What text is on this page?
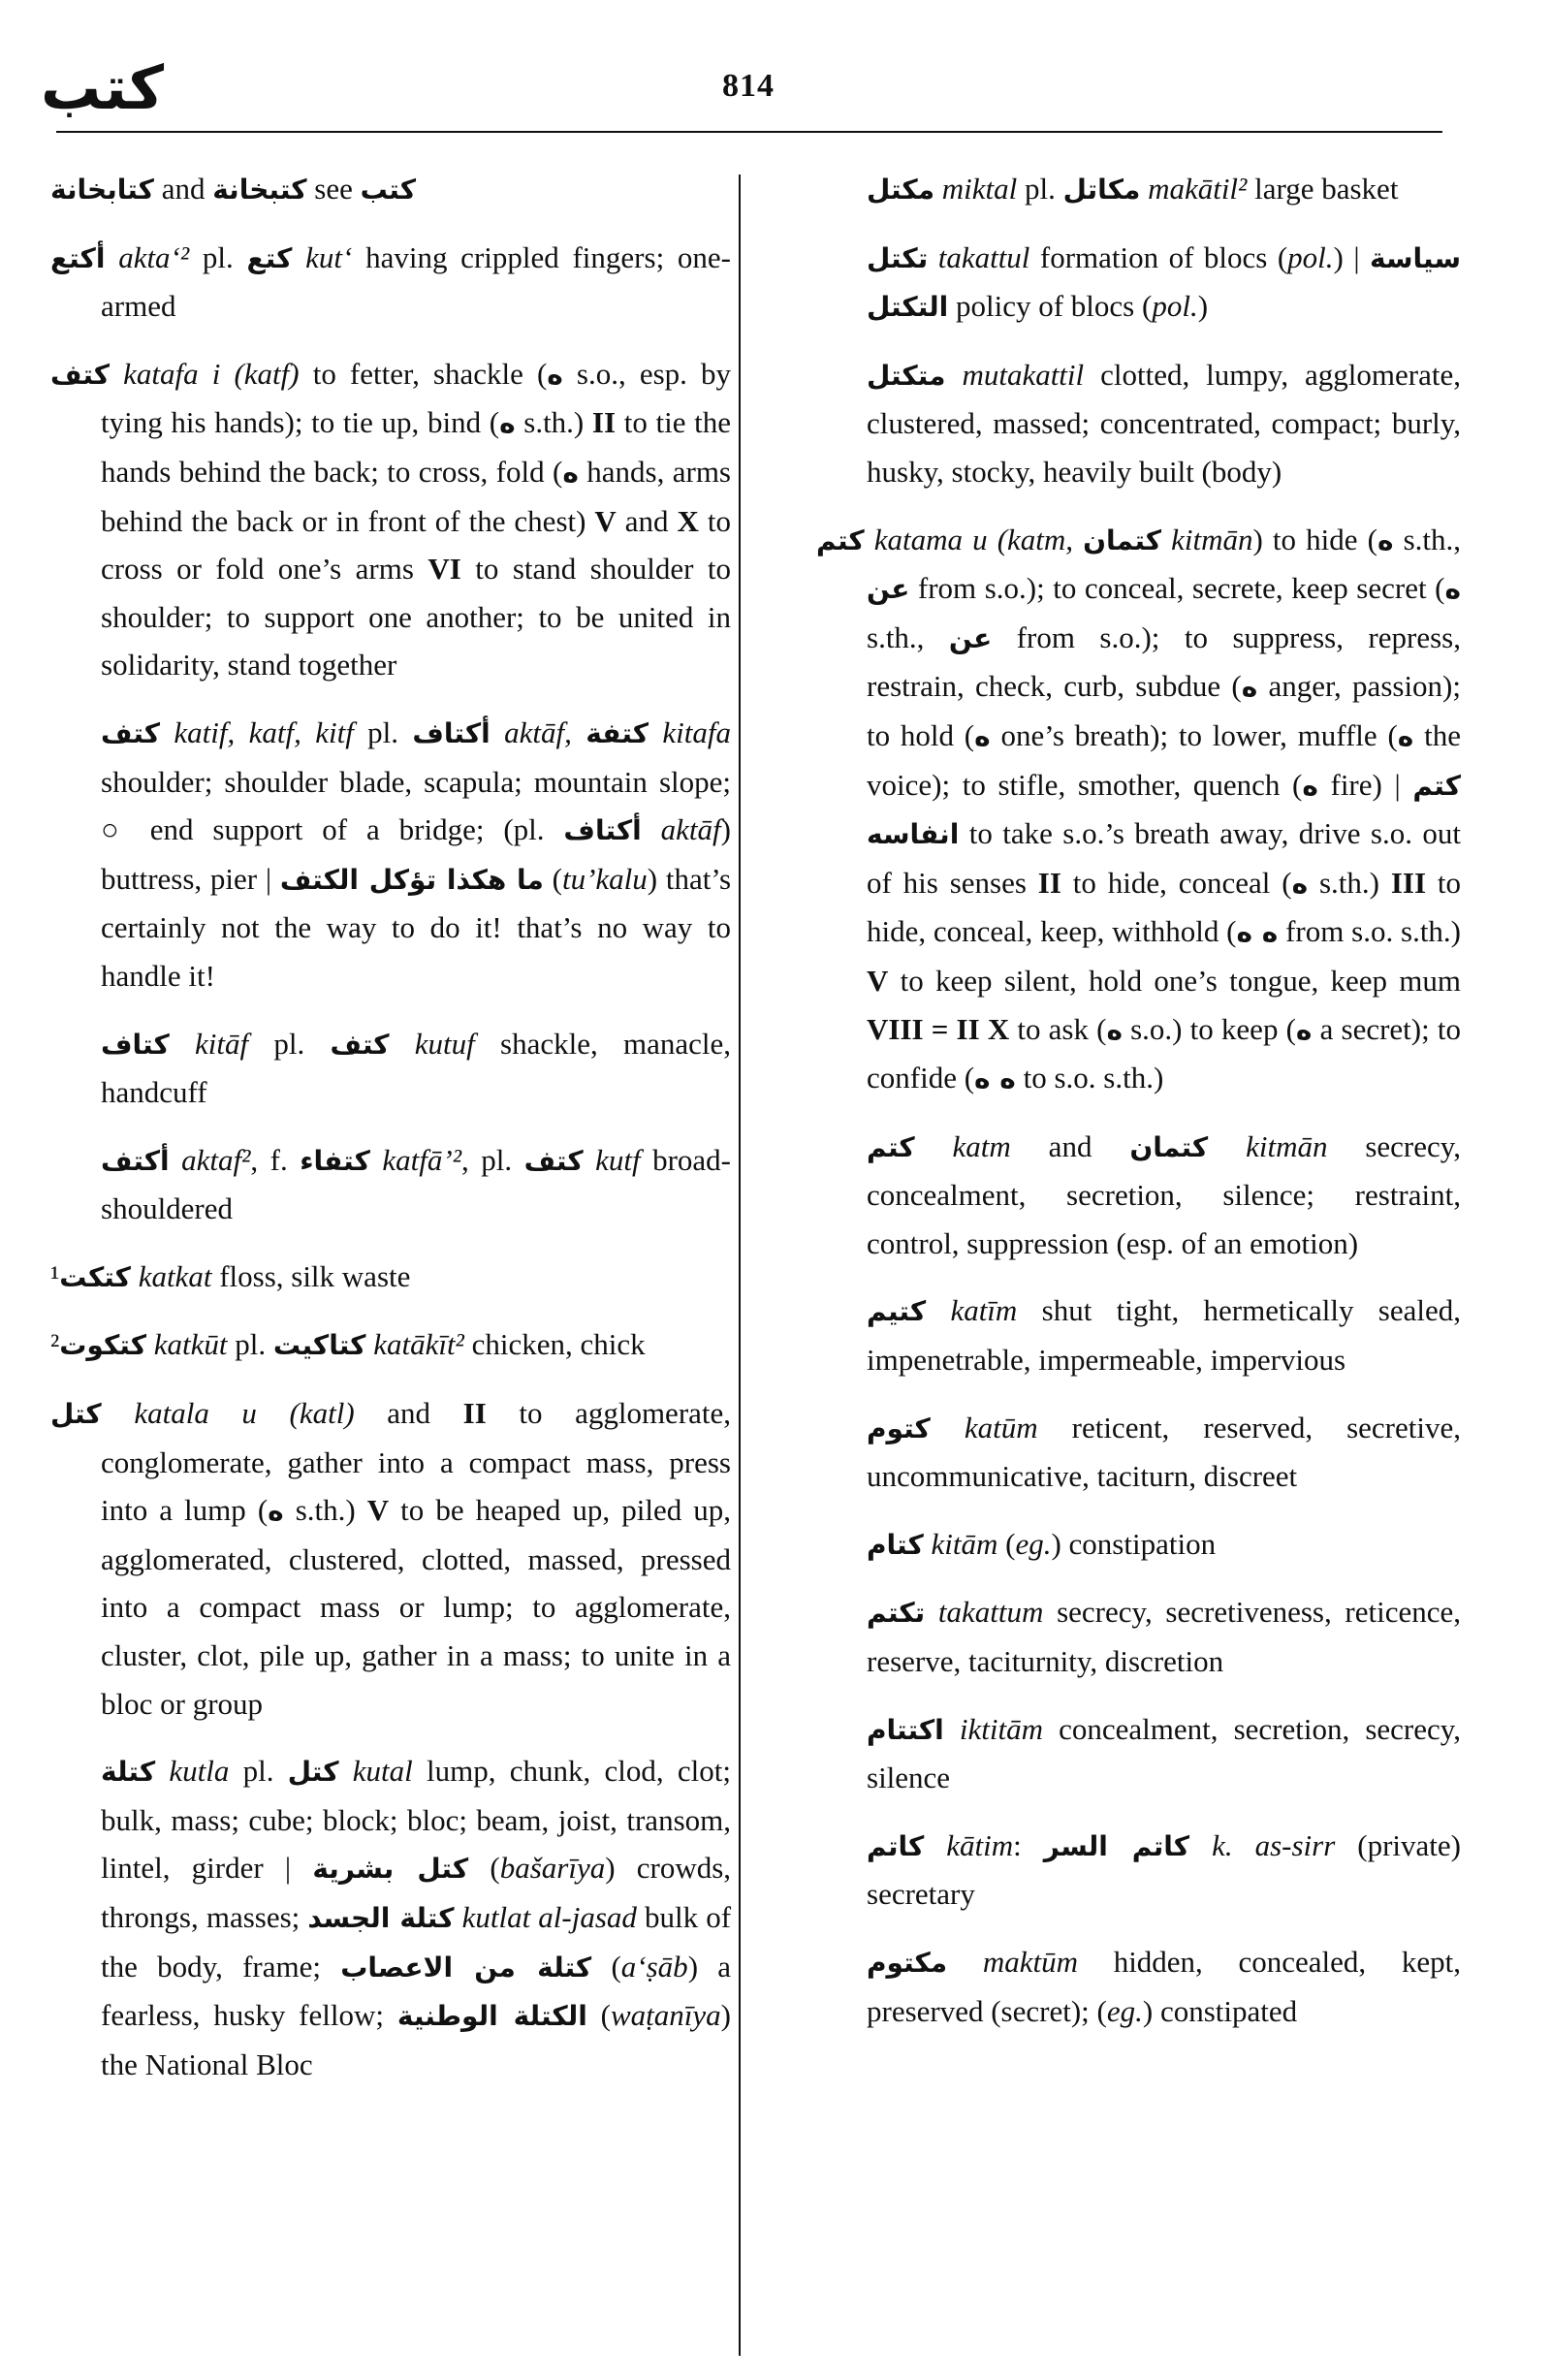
كتب	814
كتابخانة and كتبخانة see كتب
أكتع akta‘² pl. كتع kut‘ having crippled fingers; one-armed
كتف katafa i (katf) to fetter, shackle (ه s.o., esp. by tying his hands); to tie up, bind (ه s.th.) II to tie the hands behind the back; to cross, fold (ه hands, arms behind the back or in front of the chest) V and X to cross or fold one’s arms VI to stand shoulder to shoulder; to support one another; to be united in solidarity, stand together
كتف katif, katf, kitf pl. أكتاف aktāf, كتفة kitafa shoulder; shoulder blade, scapula; mountain slope; ○ end support of a bridge; (pl. أكتاف aktāf) buttress, pier | ما هكذا تؤكل الكتف (tu’kalu) that’s certainly not the way to do it! that’s no way to handle it!
كتاف kitāf pl. كتف kutuf shackle, manacle, handcuff
أكتف aktaf², f. كتفاء katfā’², pl. كتف kutf broad-shouldered
¹كتكت katkat floss, silk waste
²كتكوت katkūt pl. كتاكيت katākīt² chicken, chick
كتل katala u (katl) and II to agglomerate, conglomerate, gather into a compact mass, press into a lump (ه s.th.) V to be heaped up, piled up, agglomerated, clustered, clotted, massed, pressed into a compact mass or lump; to agglomerate, cluster, clot, pile up, gather in a mass; to unite in a bloc or group
كتلة kutla pl. كتل kutal lump, chunk, clod, clot; bulk, mass; cube; block; bloc; beam, joist, transom, lintel, girder | كتل بشرية (bašarīya) crowds, throngs, masses; كتلة الجسد kutlat al-jasad bulk of the body, frame; كتلة من الاعصاب (a‘ṣāb) a fearless, husky fellow; الكتلة الوطنية (waṭanīya) the National Bloc
مكتل miktal pl. مكاتل makātil² large basket
تكتل takattul formation of blocs (pol.) | سياسة التكتل policy of blocs (pol.)
متكتل mutakattil clotted, lumpy, agglomerate, clustered, massed; concentrated, compact; burly, husky, stocky, heavily built (body)
كتم katama u (katm, كتمان kitmān) to hide (ه s.th., عن from s.o.); to conceal, secrete, keep secret (ه s.th., عن from s.o.); to suppress, repress, restrain, check, curb, subdue (ه anger, passion); to hold (ه one’s breath); to lower, muffle (ه the voice); to stifle, smother, quench (ه fire) | كتم انفاسه to take s.o.’s breath away, drive s.o. out of his senses II to hide, conceal (ه s.th.) III to hide, conceal, keep, withhold (ه ه from s.o. s.th.) V to keep silent, hold one’s tongue, keep mum VIII = II X to ask (ه s.o.) to keep (ه a secret); to confide (ه ه to s.o. s.th.)
كتم katm and كتمان kitmān secrecy, concealment, secretion, silence; restraint, control, suppression (esp. of an emotion)
كتيم katīm shut tight, hermetically sealed, impenetrable, impermeable, impervious
كتوم katūm reticent, reserved, secretive, uncommunicative, taciturn, discreet
كتام kitām (eg.) constipation
تكتم takattum secrecy, secretiveness, reticence, reserve, taciturnity, discretion
اكتتام iktitām concealment, secretion, secrecy, silence
كاتم kātim: كاتم السر k. as-sirr (private) secretary
مكتوم maktūm hidden, concealed, kept, preserved (secret); (eg.) constipated
